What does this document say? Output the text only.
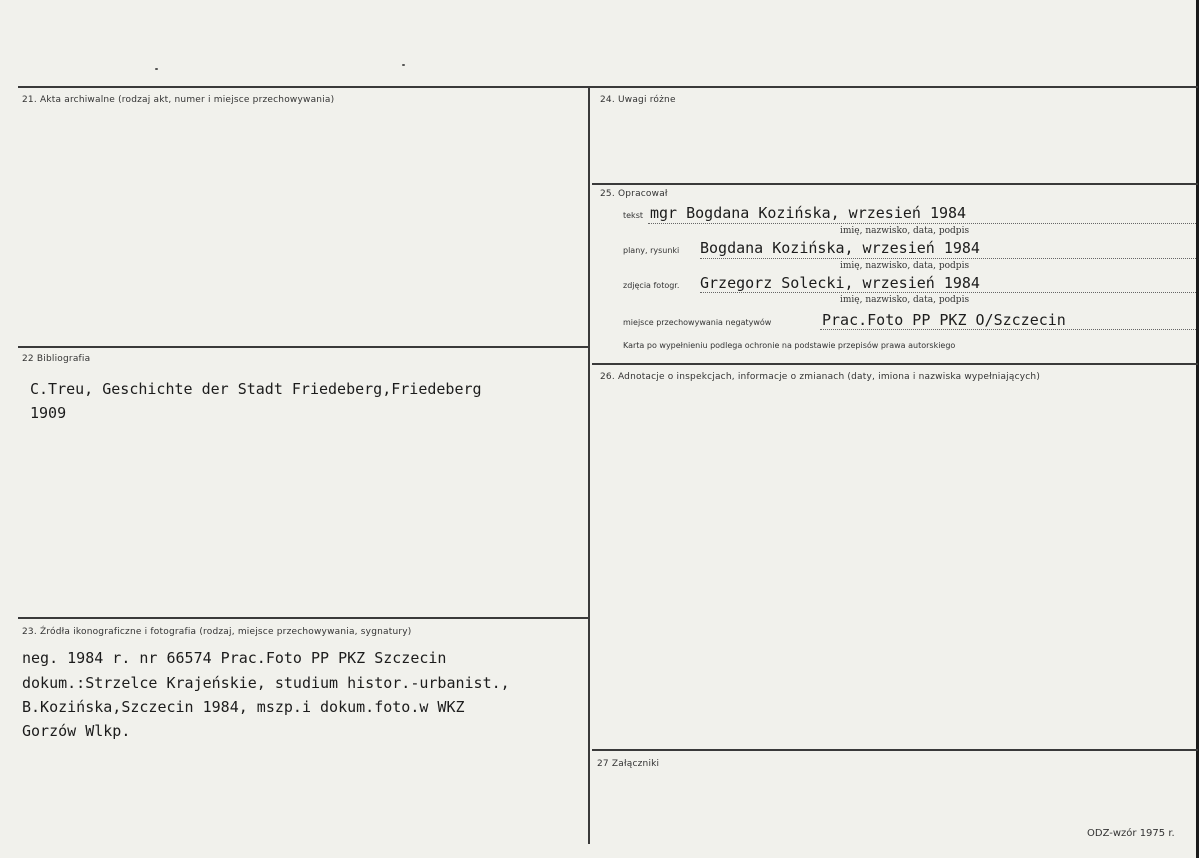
21. Akta archiwalne (rodzaj akt, numer i miejsce przechowywania)
22 Bibliografia
C.Treu, Geschichte der Stadt Friedeberg,Friedeberg
1909
23. Źródła ikonograficzne i fotografia (rodzaj, miejsce przechowywania, sygnatury)
neg. 1984 r. nr 66574 Prac.Foto PP PKZ Szczecin
dokum.:Strzelce Krajeńskie, studium histor.-urbanist.,
B.Kozińska,Szczecin 1984, mszp.i dokum.foto.w WKZ
Gorzów Wlkp.
24. Uwagi różne
25. Opracował
tekst mgr Bogdana Kozińska, wrzesień 1984
imię, nazwisko, data, podpis
plany, rysunki Bogdana Kozińska, wrzesień 1984
imię, nazwisko, data, podpis
zdjęcia fotogr. Grzegorz Solecki, wrzesień 1984
imię, nazwisko, data, podpis
miejsce przechowywania negatywów	Prac.Foto PP PKZ O/Szczecin
Karta po wypełnieniu podlega ochronie na podstawie przepisów prawa autorskiego
26. Adnotacje o inspekcjach, informacje o zmianach (daty, imiona i nazwiska wypełniających)
27 Załączniki
ODZ-wzór 1975 r.
